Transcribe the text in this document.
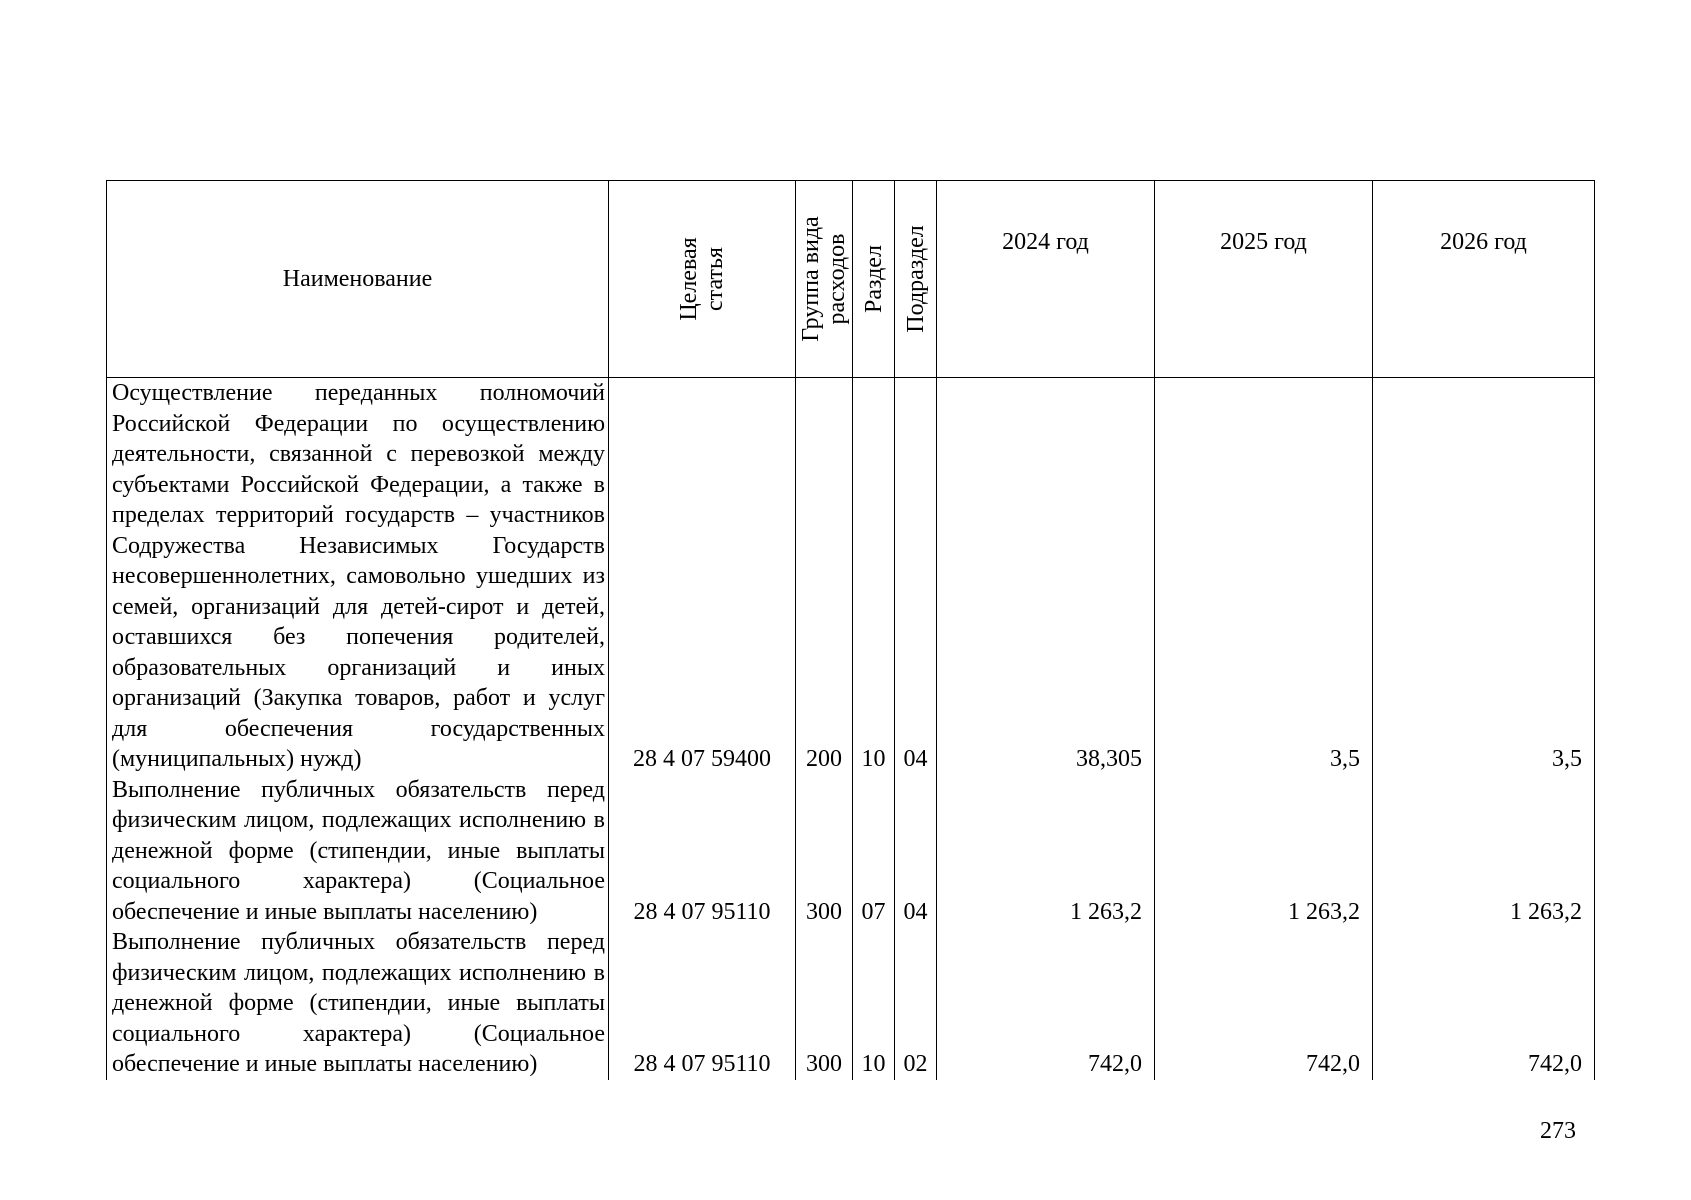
Наименование	Целевая статья	Группа вида расходов	Раздел	Подраздел	2024 год	2025 год	2026 год
Осуществление переданных полномочий Российской Федерации по осуществлению деятельности, связанной с перевозкой между субъектами Российской Федерации, а также в пределах территорий государств – участников Содружества Независимых Государств несовершеннолетних, самовольно ушедших из семей, организаций для детей-сирот и детей, оставшихся без попечения родителей, образовательных организаций и иных организаций (Закупка товаров, работ и услуг для обеспечения государственных (муниципальных) нужд)	28 4 07 59400	200	10	04	38,305	3,5	3,5
Выполнение публичных обязательств перед физическим лицом, подлежащих исполнению в денежной форме (стипендии, иные выплаты социального характера) (Социальное обеспечение и иные выплаты населению)	28 4 07 95110	300	07	04	1 263,2	1 263,2	1 263,2
Выполнение публичных обязательств перед физическим лицом, подлежащих исполнению в денежной форме (стипендии, иные выплаты социального характера) (Социальное обеспечение и иные выплаты населению)	28 4 07 95110	300	10	02	742,0	742,0	742,0
273
